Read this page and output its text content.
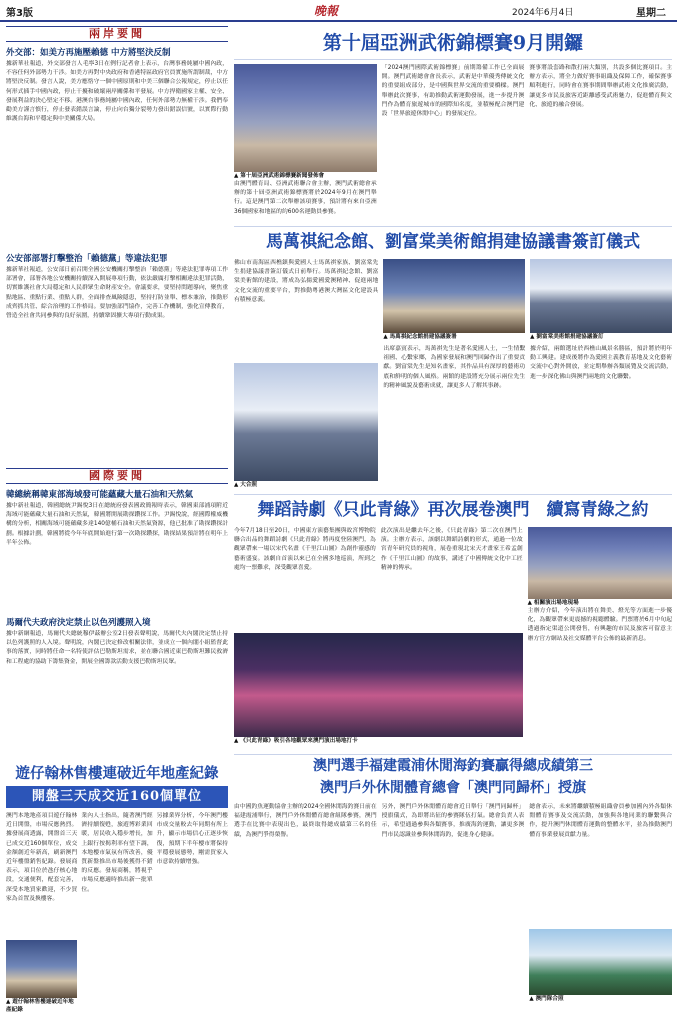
第3版	晚報	2024年6月4日	星期二
兩岸要聞
外交部：如美方再施壓賴德 中方將堅決反制
據新華社報道，外交部發言人毛寧3日在例行記者會上表示，台灣事務純屬中國內政，不容任何外部勢力干涉。如美方再對中央政府和香港特區政府官員實施所謂制裁，中方將堅決反制。發言人說，美方應恪守一個中國原則和中美三個聯合公報規定，停止以任何形式插手中國內政，停止干擾和破壞兩岸關係和平發展。中方捍衛國家主權、安全、發展利益的決心堅定不移。港澳台事務純屬中國內政，任何外部勢力無權干涉。我們奉勸美方謹言慎行，停止發表錯誤言論，停止向台獨分裂勢力發出錯誤信號，以實際行動維護台海和平穩定與中美關係大局。
公安部部署打擊整治「賴德黨」等違法犯罪
據新華社報道，公安部日前召開全國公安機關打擊整治「賴德黨」等違法犯罪專項工作部署會，部署各地公安機關持續深入開展專項行動，依法嚴厲打擊相關違法犯罪活動，切實維護社會大局穩定和人民群眾生命財產安全。會議要求，要堅持問題導向，聚焦重點地區、重點行業、重點人群，全面排查風險隱患，堅持打防並舉、標本兼治，推動形成齊抓共管、綜合治理的工作格局。要加強部門協作，完善工作機制，強化宣傳教育，營造全社會共同參與的良好氛圍，持續鞏固擴大專項行動成果。
國際要聞
韓總統稱韓東部海域發可能蘊藏大量石油和天然氣
據中新社報道，韓國總統尹錫悅3日在總統府發表國政簡報時表示，韓國東部浦項附近海域可能蘊藏大量石油和天然氣，韓國將開展勘探鑽探工作。尹錫悅說，經國際權威機構的分析，相關海域可能蘊藏多達140億桶石油和天然氣資源，他已批准了勘探鑽探計劃。根據計劃，韓國將從今年年底開始進行第一次勘探鑽探，勘探結果預計將在明年上半年公佈。
馬爾代夫政府決定禁止以色列護照入境
據中新網報道，馬爾代夫總統穆伊茲辦公室2日發表聲明說，馬爾代夫內閣決定禁止持以色列護照的人入境。聲明說，內閣已決定修改相關法律，並成立一個內閣小組監督此事的落實，同時將任命一名特使評估巴勒斯坦需求，並在聯合國近東巴勒斯坦難民救濟和工程處的協助下籌集資金，開展全國籌款活動支援巴勒斯坦民眾。
遊仔翰林售樓連破近年地產紀錄
開盤三天成交近160個單位
澳門本地地產項目遊仔翰林近日開盤，市場反應熱烈。據發展商透露，開盤首三天已成交近160個單位，成交金額創近年新高，刷新澳門近年樓盤銷售紀錄。發展商表示，項目位於氹仔核心地段，交通便利，配套完善，深受本地買家歡迎，不少買家為首置及換樓客。
▲ 遊仔翰林售樓連破近年地產紀錄
業內人士指出，隨著澳門經濟持續復甦，旅遊博彩業回暖，居民收入穩步增長，加上銀行按揭利率有望下調，本地樓市氣氛有所改善，優質新盤推出市場後獲得不錯的反應。發展商稱，將視乎市場反應適時推出新一批單位。
另據業界分析，今年澳門樓市成交量較去年同期有所上升，顯示市場信心正逐步恢復，預期下半年樓市將保持平穩發展態勢，剛需買家入市意欲持續增強。
第十屆亞洲武術錦標賽9月開鑼
▲ 第十屆亞洲武術錦標賽新聞發佈會
由澳門體育局、亞洲武術聯合會主辦，澳門武術總會承辦的第十屆亞洲武術錦標賽將於2024年9月在澳門舉行。這是澳門第二次舉辦該項賽事，預計將有來自亞洲36個國家和地區的約600名運動員參賽。
「2024澳門國際武術錦標賽」前期籌備工作已全面展開。澳門武術總會會長表示，武術是中華優秀傳統文化的重要組成部分，是中國與世界交流的重要橋樑。澳門舉辦此次賽事，有助推動武術運動發展，進一步提升澳門作為體育旅遊城市的國際知名度，並積極配合澳門建設「世界旅遊休閒中心」的發展定位。
賽事將設套路和散打兩大類別，共設多個比賽項目。主辦方表示，將全力做好賽事組織及保障工作，確保賽事順利進行，同時會在賽事期間舉辦武術文化推廣活動，讓更多市民及旅客近距離感受武術魅力，促進體育與文化、旅遊的融合發展。
馬萬祺紀念館、劉富棠美術館捐建協議書簽訂儀式
佛山市南海區西樵鎮與愛國人士馬萬祺家族、劉富棠先生捐建協議書簽訂儀式日前舉行。馬萬祺紀念館、劉富棠美術館的建設，將成為弘揚愛國愛澳精神、促進兩地文化交流的重要平台，對推動粵港澳大灣區文化建設具有積極意義。
▲ 大合照
▲ 馬萬祺紀念館捐建協議簽署	▲ 劉富棠美術館捐建協議簽訂
出席嘉賓表示，馬萬祺先生是著名愛國人士，一生情繫祖國、心繫家鄉，為國家發展和澳門回歸作出了重要貢獻。劉富棠先生是知名畫家，其作品具有深厚的藝術功底和鮮明的個人風格。兩館的建設將充分展示兩位先生的精神風貌及藝術成就，讓更多人了解其事跡。
據介紹，兩館選址於西樵山風景名勝區，預計將於明年動工興建。建成後將作為愛國主義教育基地及文化藝術交流中心對外開放，並定期舉辦各類展覽及交流活動，進一步深化佛山與澳門兩地的文化聯繫。
舞蹈詩劇《只此青綠》再次展卷澳門　續寫青綠之約
今年7月18日至20日，中國東方演藝集團與故宮博物院聯合出品的舞蹈詩劇《只此青綠》將再度登陸澳門，為觀眾帶來一場以宋代名畫《千里江山圖》為創作靈感的藝術盛宴。該劇自首演以來已在全國多地巡演，所到之處均一票難求，深受觀眾喜愛。
此次演出是繼去年之後，《只此青綠》第二次在澳門上演。主辦方表示，該劇以舞蹈詩劇的形式，通過一位故宮青年研究員的視角，展卷重現北宋天才畫家王希孟創作《千里江山圖》的故事，講述了中國傳統文化中工匠精神的傳承。
▲ 《只此青綠》吸引各地觀眾來澳門演出場地打卡
▲ 相關演出場地現場
主辦方介紹，今年演出將在舞美、燈光等方面進一步優化，為觀眾帶來更震撼的視聽體驗。門票將於6月中旬起透過指定渠道公開發售，有興趣的市民及旅客可留意主辦方官方網站及社交媒體平台公佈的最新消息。
澳門選手福建霞浦休閒海釣賽贏得總成績第三
澳門戶外休閒體育總會「澳門同歸杯」授旗
由中國釣魚運動協會主辦的2024全國休閒海釣賽日前在福建霞浦舉行，澳門戶外休閒體育總會組隊參賽，澳門選手在比賽中表現出色，最終取得總成績第三名的佳績，為澳門爭得榮譽。
另外，澳門戶外休閒體育總會近日舉行「澳門同歸杯」授旗儀式，為即將出征的參賽隊伍打氣。總會負責人表示，希望通過參與各類賽事，推廣海釣運動，讓更多澳門市民認識並參與休閒海釣，促進身心健康。
總會表示，未來將繼續積極組織會員參加國內外各類休閒體育賽事及交流活動，加強與各地同業的聯繫與合作，提升澳門休閒體育運動的整體水平，並為推動澳門體育事業發展貢獻力量。
▲ 澳門隊合照
